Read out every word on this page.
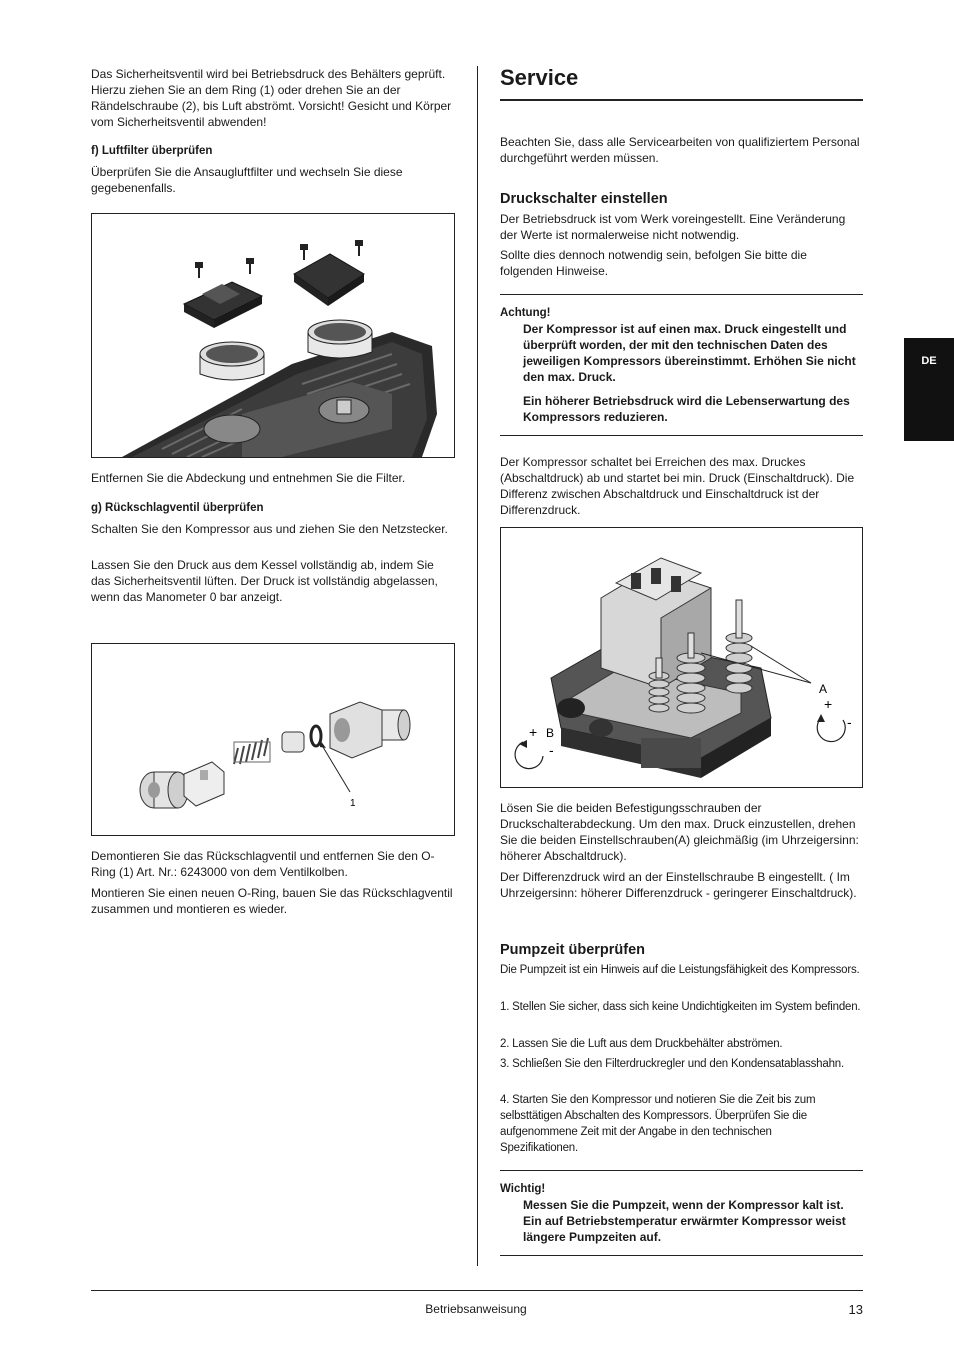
Das Sicherheitsventil wird bei Betriebsdruck des Behälters geprüft. Hierzu ziehen Sie an dem Ring (1) oder drehen Sie an der Rändelschraube (2), bis Luft abströmt. Vorsicht! Gesicht und Körper vom Sicherheitsventil abwenden!

f) Luftfilter überprüfen

Überprüfen Sie die Ansaugluftfilter und wechseln Sie diese gegebenenfalls.

Entfernen Sie die Abdeckung und entnehmen Sie die Filter.

g) Rückschlagventil überprüfen

Schalten Sie den Kompressor aus und ziehen Sie den Netzstecker.

Lassen Sie den Druck aus dem Kessel vollständig ab, indem Sie das Sicherheitsventil lüften. Der Druck ist vollständig abgelassen, wenn das Manometer 0 bar anzeigt.

1

Demontieren Sie das Rückschlagventil und entfernen Sie den O-Ring (1) Art. Nr.: 6243000 von dem Ventilkolben.

Montieren Sie einen neuen O-Ring, bauen Sie das Rückschlagventil zusammen und montieren es wieder.

Service

Beachten Sie, dass alle Servicearbeiten von qualifiziertem Personal durchgeführt werden müssen.

Druckschalter einstellen

Der Betriebsdruck ist vom Werk voreingestellt. Eine Veränderung der Werte ist normalerweise nicht notwendig.

Sollte dies dennoch notwendig sein, befolgen Sie bitte die folgenden Hinweise.

Achtung!

Der Kompressor ist auf einen max. Druck eingestellt und überprüft worden, der mit den technischen Daten des jeweiligen Kompressors übereinstimmt. Erhöhen Sie nicht den max. Druck.

Ein höherer Betriebsdruck wird die Lebenserwartung des Kompressors reduzieren.

Der Kompressor schaltet bei Erreichen des max. Druckes (Abschaltdruck) ab und startet bei min. Druck (Einschaltdruck). Die Differenz zwischen Abschaltdruck und Einschaltdruck ist der Differenzdruck.

A
+
-
+ B
-

Lösen Sie die beiden Befestigungsschrauben der Druckschalterabdeckung. Um den max. Druck einzustellen, drehen Sie die beiden Einstellschrauben(A) gleichmäßig (im Uhrzeigersinn: höherer Abschaltdruck).

Der Differenzdruck wird an der Einstellschraube B eingestellt. ( Im Uhrzeigersinn: höherer Differenzdruck - geringerer Einschaltdruck).

Pumpzeit überprüfen

Die Pumpzeit ist ein Hinweis auf die Leistungsfähigkeit des Kompressors.

1. Stellen Sie sicher, dass sich keine Undichtigkeiten im System befinden.

2. Lassen Sie die Luft aus dem Druckbehälter abströmen.

3. Schließen Sie den Filterdruckregler und den Kondensatablasshahn.

4. Starten Sie den Kompressor und notieren Sie die Zeit bis zum selbsttätigen Abschalten des Kompressors. Überprüfen Sie die aufgenommene Zeit mit der Angabe in den technischen Spezifikationen.

Wichtig!

Messen Sie die Pumpzeit, wenn der Kompressor kalt ist. Ein auf Betriebstemperatur erwärmter Kompressor weist längere Pumpzeiten auf.

DE
Betriebsanweisung	13
